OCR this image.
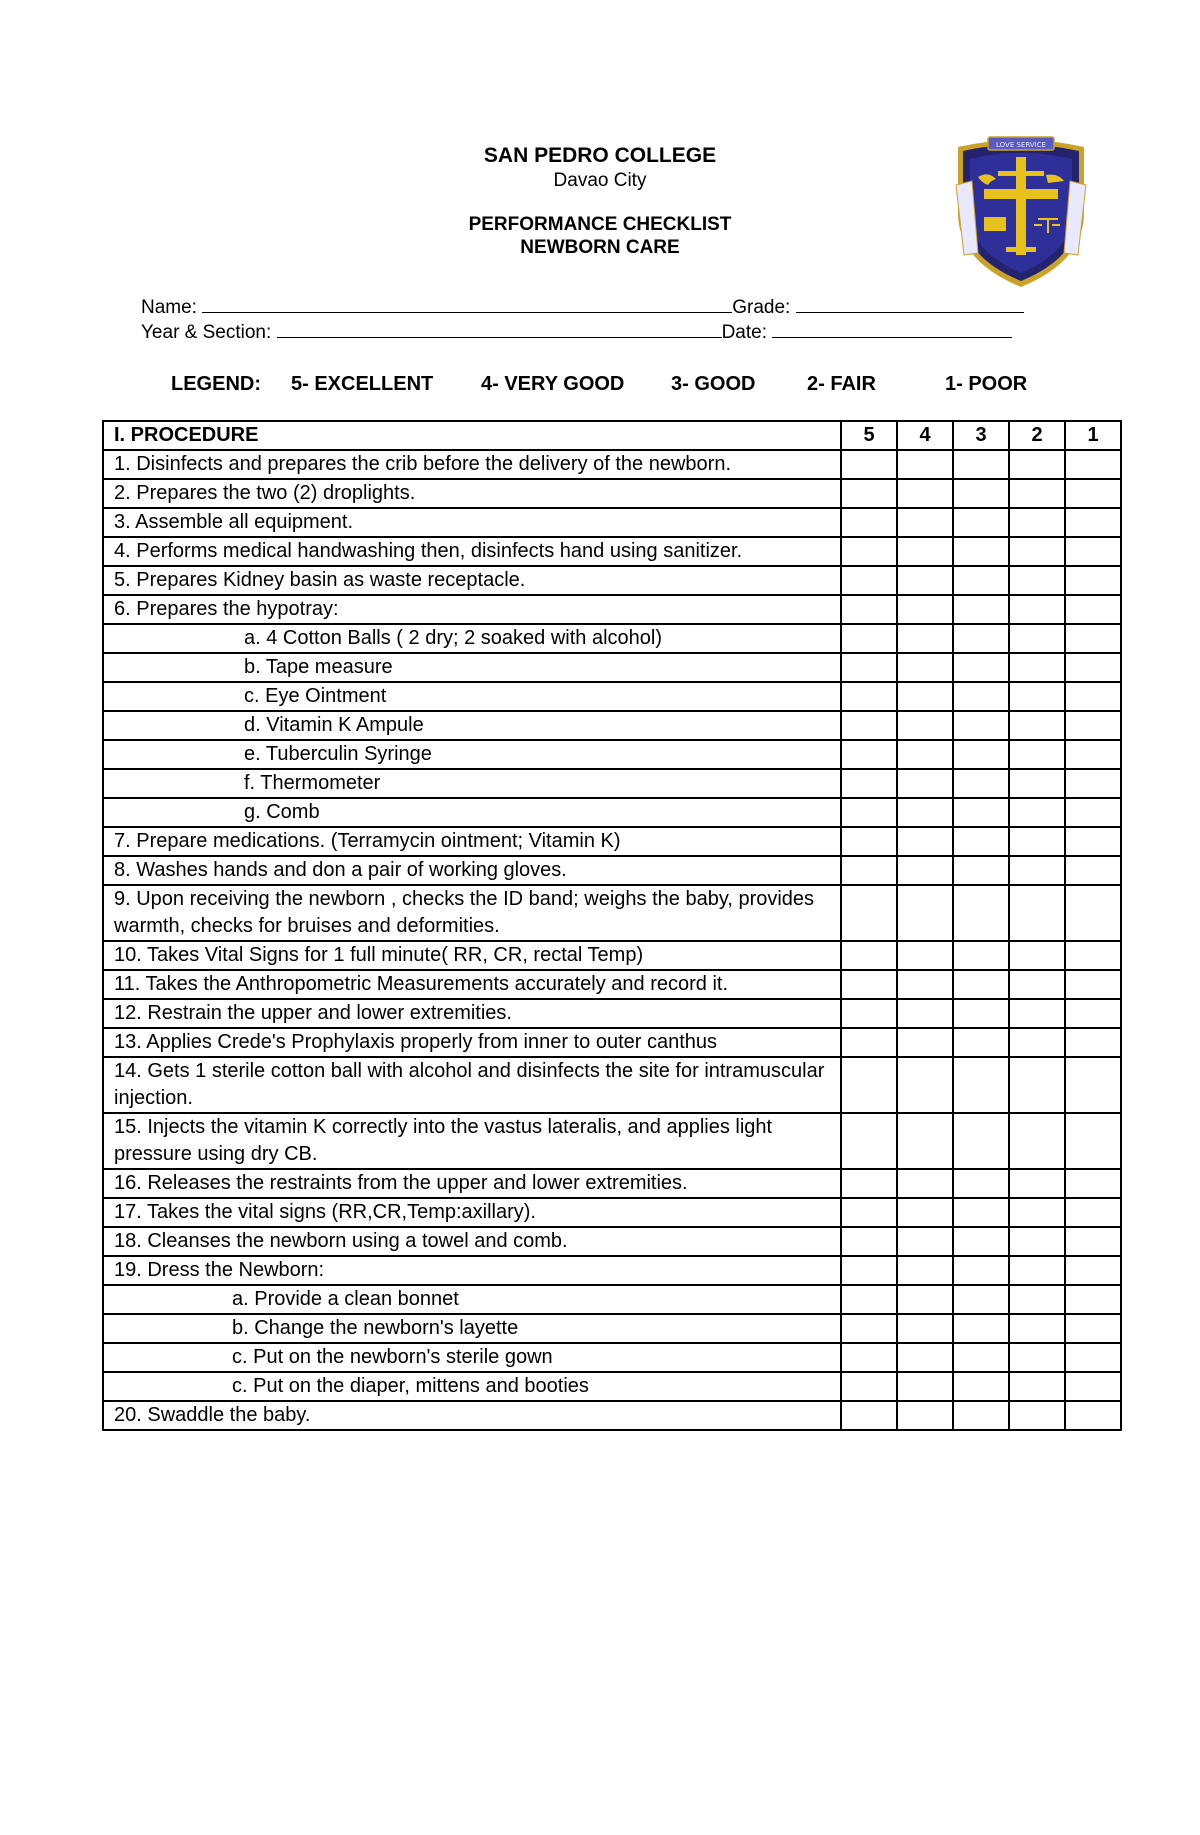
SAN PEDRO COLLEGE
Davao City
PERFORMANCE CHECKLIST
NEWBORN CARE
LOVE SERVICE
Name:	Grade:
Year & Section:	Date:
LEGEND: 5- EXCELLENT 4- VERY GOOD 3- GOOD	2- FAIR	1- POOR
I. PROCEDURE	5	4	3	2	1
1. Disinfects and prepares the crib before the delivery of the newborn.					
2. Prepares the two (2) droplights.					
3. Assemble all equipment.					
4. Performs medical handwashing then, disinfects hand using sanitizer.					
5. Prepares Kidney basin as waste receptacle.					
6. Prepares the hypotray:					
a. 4 Cotton Balls ( 2 dry; 2 soaked with alcohol)					
b. Tape measure					
c. Eye Ointment					
d. Vitamin K Ampule					
e. Tuberculin Syringe					
f. Thermometer					
g. Comb					
7. Prepare medications. (Terramycin ointment; Vitamin K)					
8. Washes hands and don a pair of working gloves.					
9. Upon receiving the newborn , checks the ID band; weighs the baby, provides warmth, checks for bruises and deformities.					
10. Takes Vital Signs for 1 full minute( RR, CR, rectal Temp)					
11. Takes the Anthropometric Measurements accurately and record it.					
12. Restrain the upper and lower extremities.					
13. Applies Crede's Prophylaxis properly from inner to outer canthus					
14. Gets 1 sterile cotton ball with alcohol and disinfects the site for intramuscular injection.					
15. Injects the vitamin K correctly into the vastus lateralis, and applies light pressure using dry CB.					
16. Releases the restraints from the upper and lower extremities.					
17. Takes the vital signs (RR,CR,Temp:axillary).					
18. Cleanses the newborn using a towel and comb.					
19. Dress the Newborn:					
a. Provide a clean bonnet					
b. Change the newborn's layette					
c. Put on the newborn's sterile gown					
c. Put on the diaper, mittens and booties					
20. Swaddle the baby.					
